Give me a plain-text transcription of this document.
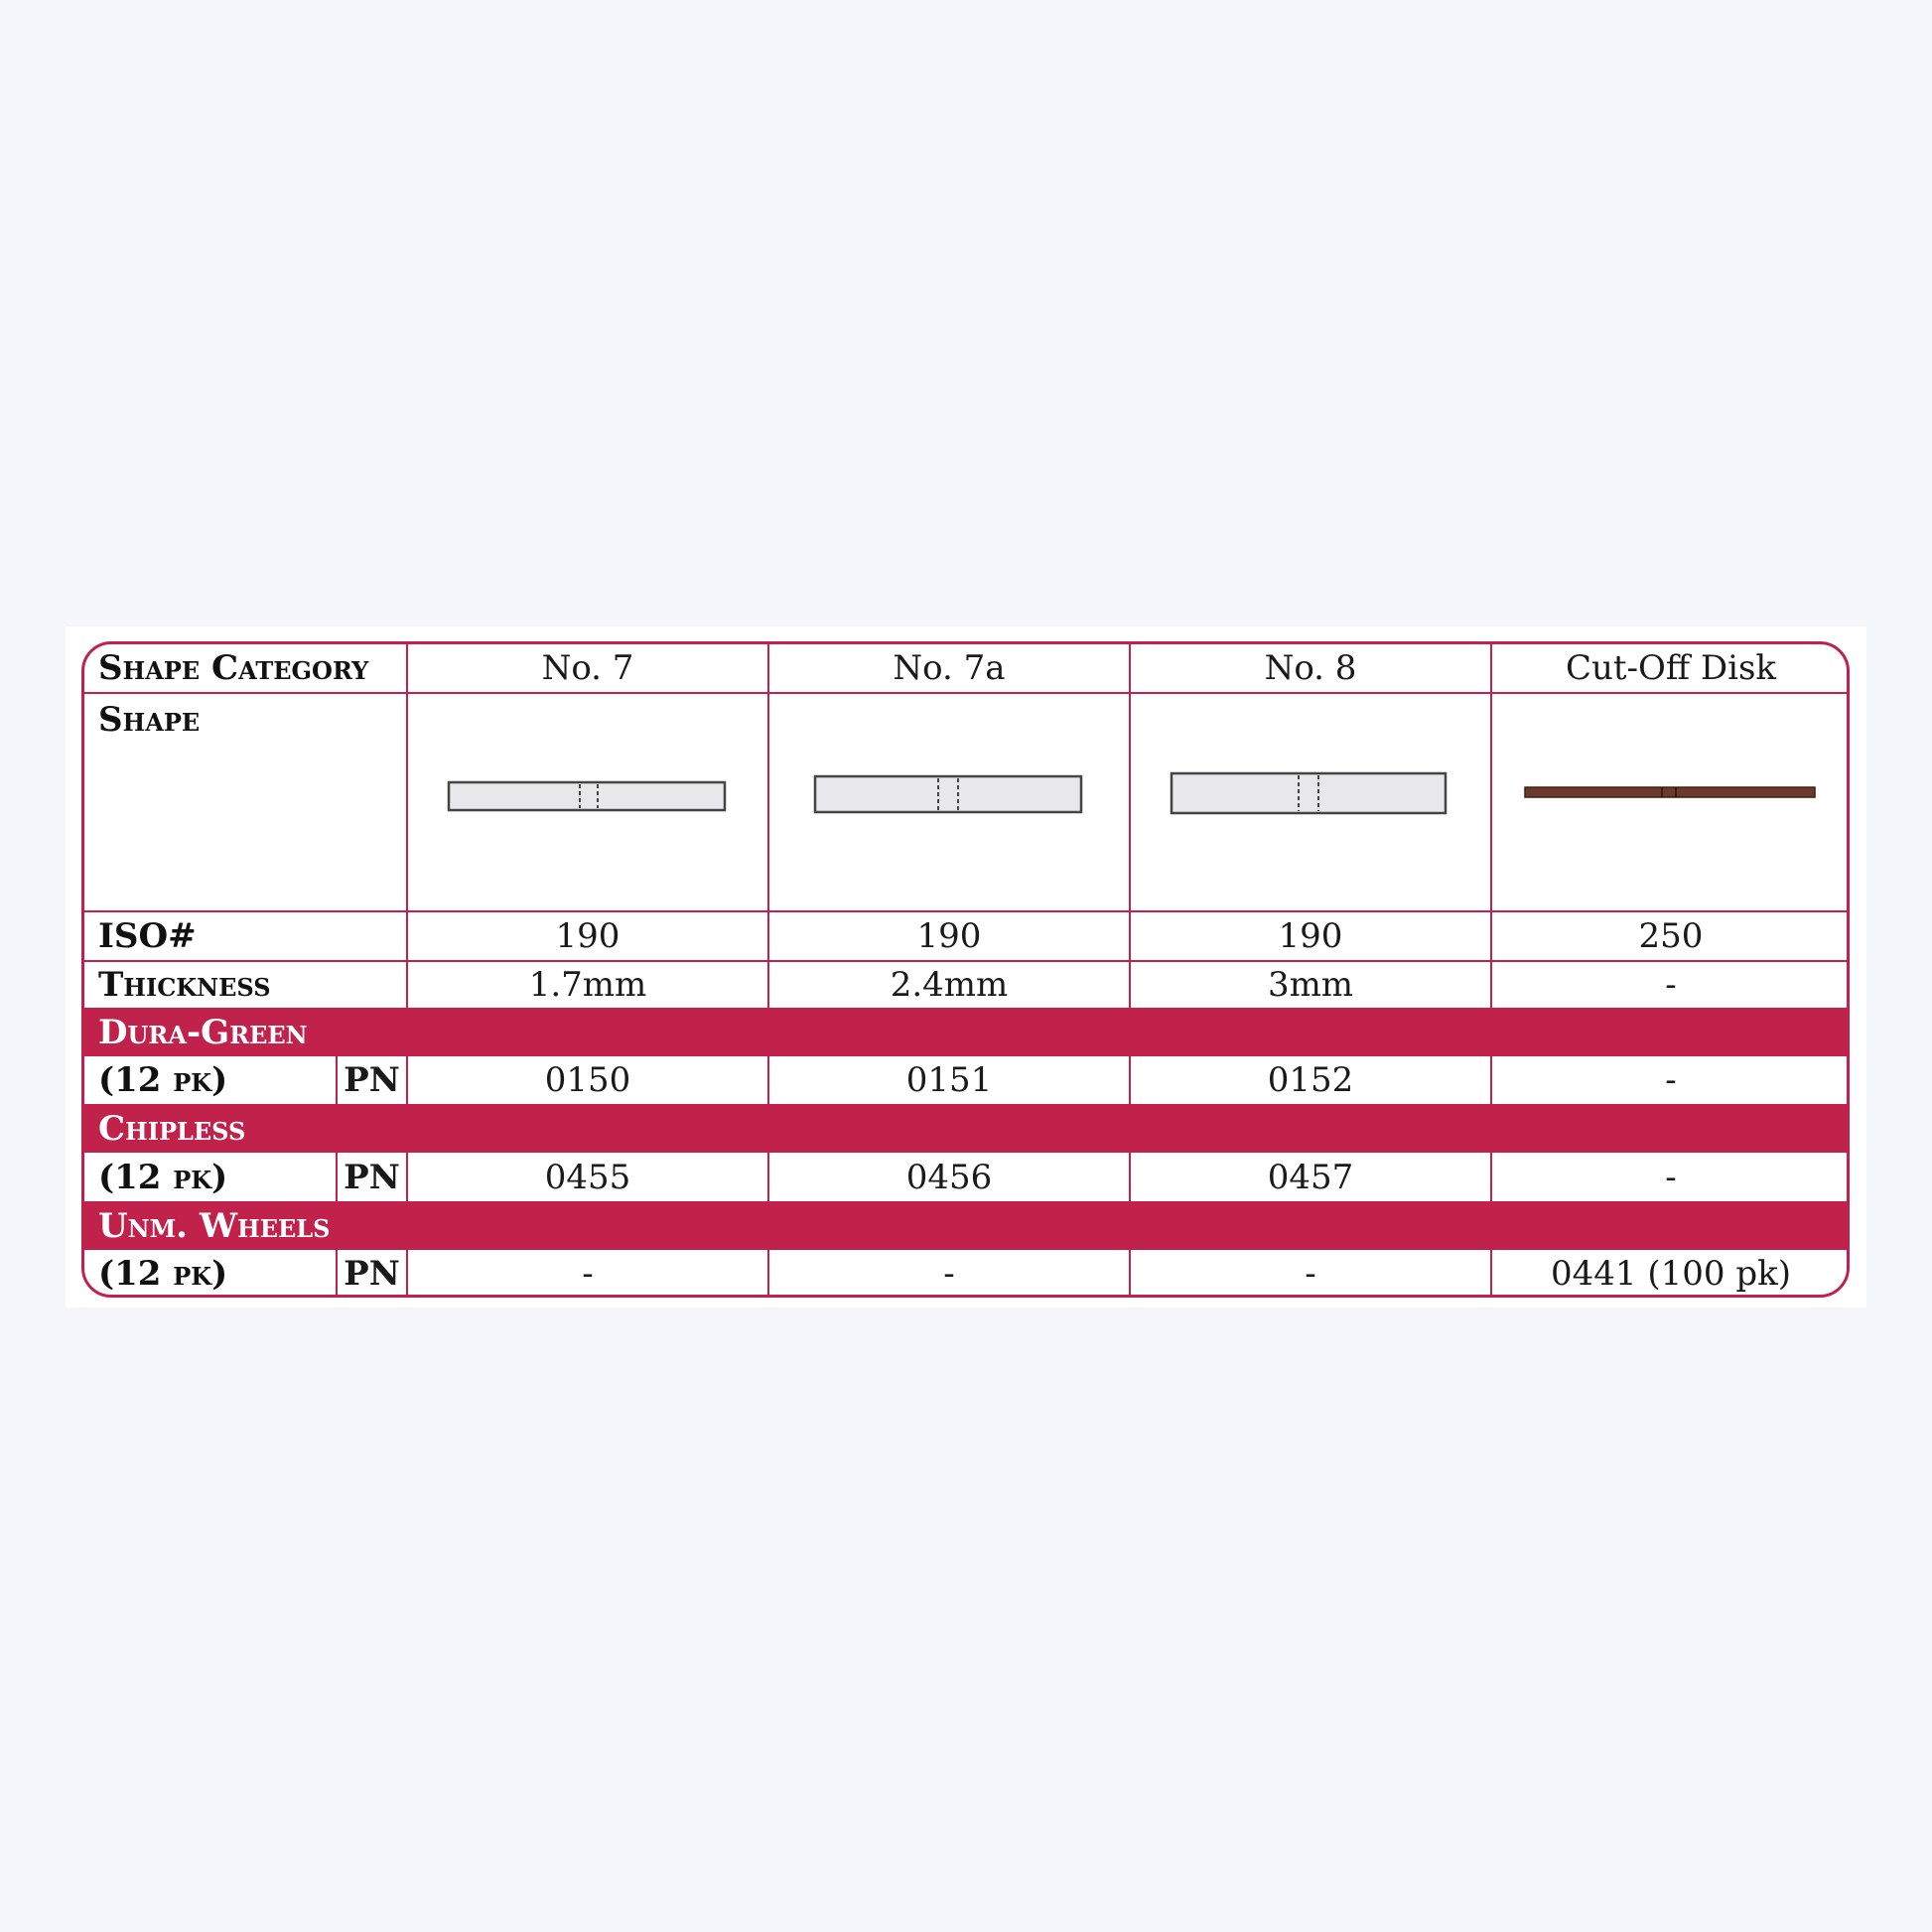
Shape Category	No. 7	No. 7a	No. 8	Cut-Off Disk
Shape
ISO#	190	190	190	250
Thickness	1.7mm	2.4mm	3mm	-
Dura-Green
(12 pk)	PN	0150	0151	0152	-
Chipless
(12 pk)	PN	0455	0456	0457	-
Unm. Wheels
(12 pk)	PN	-	-	-	0441 (100 pk)
